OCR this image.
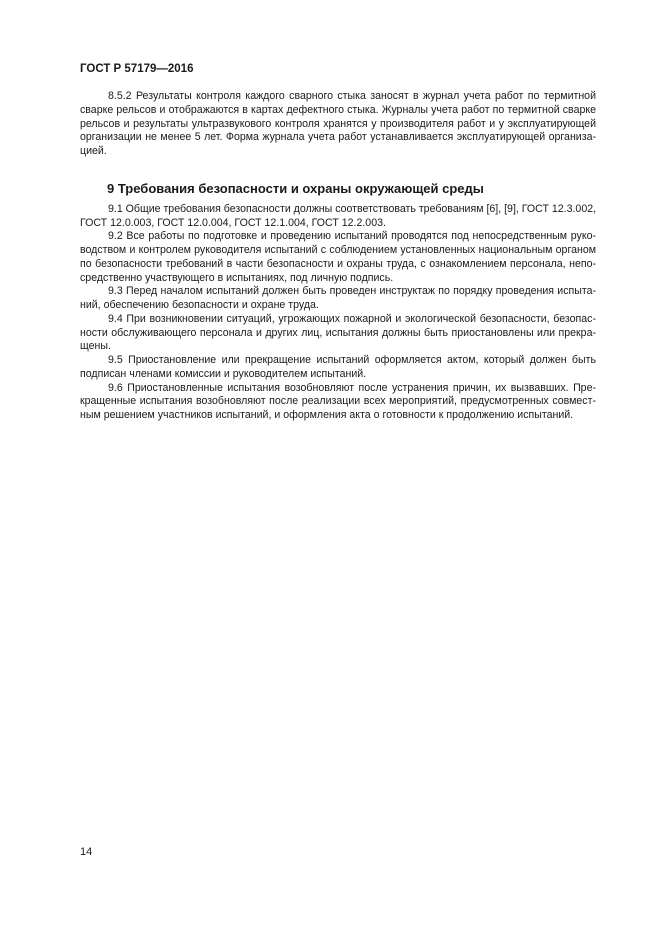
ГОСТ Р 57179—2016
8.5.2 Результаты контроля каждого сварного стыка заносят в журнал учета работ по термитной
сварке рельсов и отображаются в картах дефектного стыка. Журналы учета работ по термитной сварке
рельсов и результаты ультразвукового контроля хранятся у производителя работ и у эксплуатирующей
организации не менее 5 лет. Форма журнала учета работ устанавливается эксплуатирующей организа-
цией.
9 Требования безопасности и охраны окружающей среды
9.1 Общие требования безопасности должны соответствовать требованиям [6], [9], ГОСТ 12.3.002,
ГОСТ 12.0.003, ГОСТ 12.0.004, ГОСТ 12.1.004, ГОСТ 12.2.003.
9.2 Все работы по подготовке и проведению испытаний проводятся под непосредственным руко-
водством и контролем руководителя испытаний с соблюдением установленных национальным органом
по безопасности требований в части безопасности и охраны труда, с ознакомлением персонала, непо-
средственно участвующего в испытаниях, под личную подпись.
9.3 Перед началом испытаний должен быть проведен инструктаж по порядку проведения испыта-
ний, обеспечению безопасности и охране труда.
9.4 При возникновении ситуаций, угрожающих пожарной и экологической безопасности, безопас-
ности обслуживающего персонала и других лиц, испытания должны быть приостановлены или прекра-
щены.
9.5 Приостановление или прекращение испытаний оформляется актом, который должен быть
подписан членами комиссии и руководителем испытаний.
9.6 Приостановленные испытания возобновляют после устранения причин, их вызвавших. Пре-
кращенные испытания возобновляют после реализации всех мероприятий, предусмотренных совмест-
ным решением участников испытаний, и оформления акта о готовности к продолжению испытаний.
14
